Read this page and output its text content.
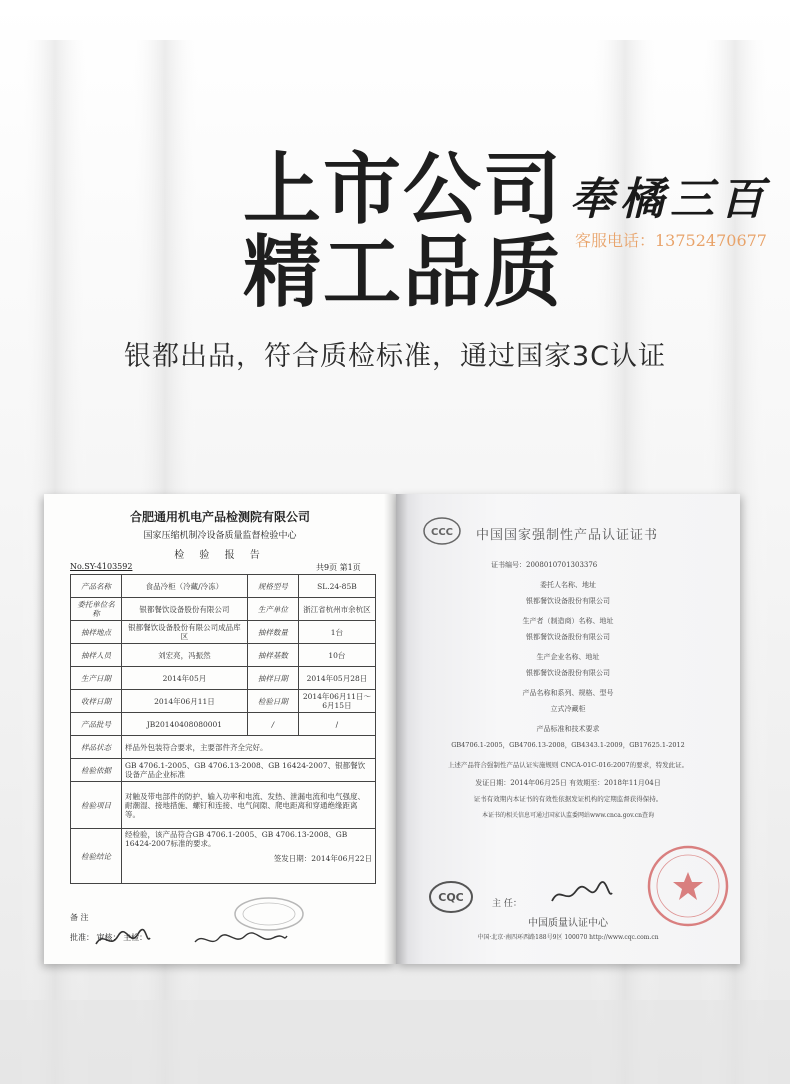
上市公司
精工品质
奉橘三百
客服电话：13752470677
银都出品，符合质检标准，通过国家3C认证
合肥通用机电产品检测院有限公司
国家压缩机制冷设备质量监督检验中心
检 验 报 告
No.SY-4103592	共9页 第1页
产品名称	食品冷柜（冷藏/冷冻）	规格型号	SL.24-85B
委托单位名称	银都餐饮设备股份有限公司	生产单位	浙江省杭州市余杭区
抽样地点	银都餐饮设备股份有限公司成品库区	抽样数量	1台
抽样人员	刘宏亮，冯振然	抽样基数	10台
生产日期	2014年05月	抽样日期	2014年05月28日
收样日期	2014年06月11日	检验日期	2014年06月11日～6月15日
产品批号	JB20140408080001	/	/
样品状态	样品外包装符合要求，主要部件齐全完好。		
检验依据	GB 4706.1-2005、GB 4706.13-2008、GB 16424-2007、银都餐饮设备产品企业标准		
检验项目	对触及带电部件的防护、输入功率和电流、发热、泄漏电流和电气强度、耐潮湿、接地措施、螺钉和连接、电气间隙、爬电距离和穿通绝缘距离等。		
检验结论	经检验，该产品符合GB 4706.1-2005、GB 4706.13-2008、GB 16424-2007标准的要求。
签发日期：2014年06月22日		
备 注
批准： 审核： 主检：
CCC 中国国家强制性产品认证证书
证书编号：2008010701303376
委托人名称、地址
银都餐饮设备股份有限公司
生产者（制造商）名称、地址
银都餐饮设备股份有限公司
生产企业名称、地址
银都餐饮设备股份有限公司
产品名称和系列、规格、型号
立式冷藏柜
产品标准和技术要求
GB4706.1-2005，GB4706.13-2008，GB4343.1-2009，GB17625.1-2012
上述产品符合强制性产品认证实施规则 CNCA-01C-016:2007的要求，特发此证。
发证日期：2014年06月25日 有效期至：2018年11月04日
证书有效期内本证书的有效性依据发证机构的定期监督获得保持。
本证书的相关信息可通过国家认监委网站www.cnca.gov.cn查询
CQC	主 任：
中国质量认证中心
中国·北京·南四环西路188号9区 100070 http://www.cqc.com.cn
